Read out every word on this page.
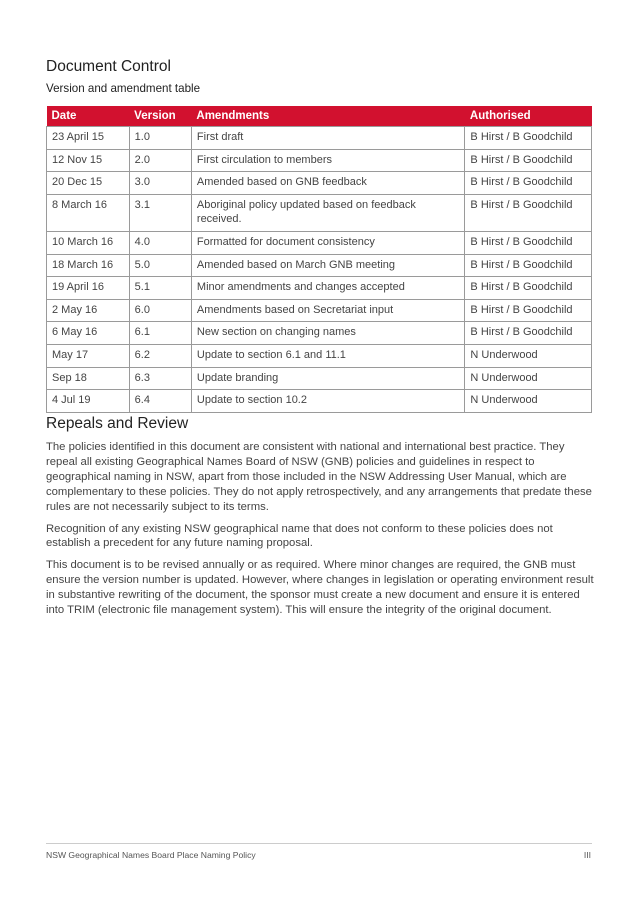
Document Control
Version and amendment table
Date	Version	Amendments	Authorised
23 April 15	1.0	First draft	B Hirst / B Goodchild
12 Nov 15	2.0	First circulation to members	B Hirst / B Goodchild
20 Dec 15	3.0	Amended based on GNB feedback	B Hirst / B Goodchild
8 March 16	3.1	Aboriginal policy updated based on feedback received.	B Hirst / B Goodchild
10 March 16	4.0	Formatted for document consistency	B Hirst / B Goodchild
18 March 16	5.0	Amended based on March GNB meeting	B Hirst / B Goodchild
19 April 16	5.1	Minor amendments and changes accepted	B Hirst / B Goodchild
2 May 16	6.0	Amendments based on Secretariat input	B Hirst / B Goodchild
6 May 16	6.1	New section on changing names	B Hirst / B Goodchild
May 17	6.2	Update to section 6.1 and 11.1	N Underwood
Sep 18	6.3	Update branding	N Underwood
4 Jul 19	6.4	Update to section 10.2	N Underwood
Repeals and Review

The policies identified in this document are consistent with national and international best practice. They repeal all existing Geographical Names Board of NSW (GNB) policies and guidelines in respect to geographical naming in NSW, apart from those included in the NSW Addressing User Manual, which are complementary to these policies. They do not apply retrospectively, and any arrangements that predate these rules are not necessarily subject to its terms.

Recognition of any existing NSW geographical name that does not conform to these policies does not establish a precedent for any future naming proposal.

This document is to be revised annually or as required. Where minor changes are required, the GNB must ensure the version number is updated. However, where changes in legislation or operating environment result in substantive rewriting of the document, the sponsor must create a new document and ensure it is entered into TRIM (electronic file management system). This will ensure the integrity of the original document.

NSW Geographical Names Board Place Naming Policy	III
